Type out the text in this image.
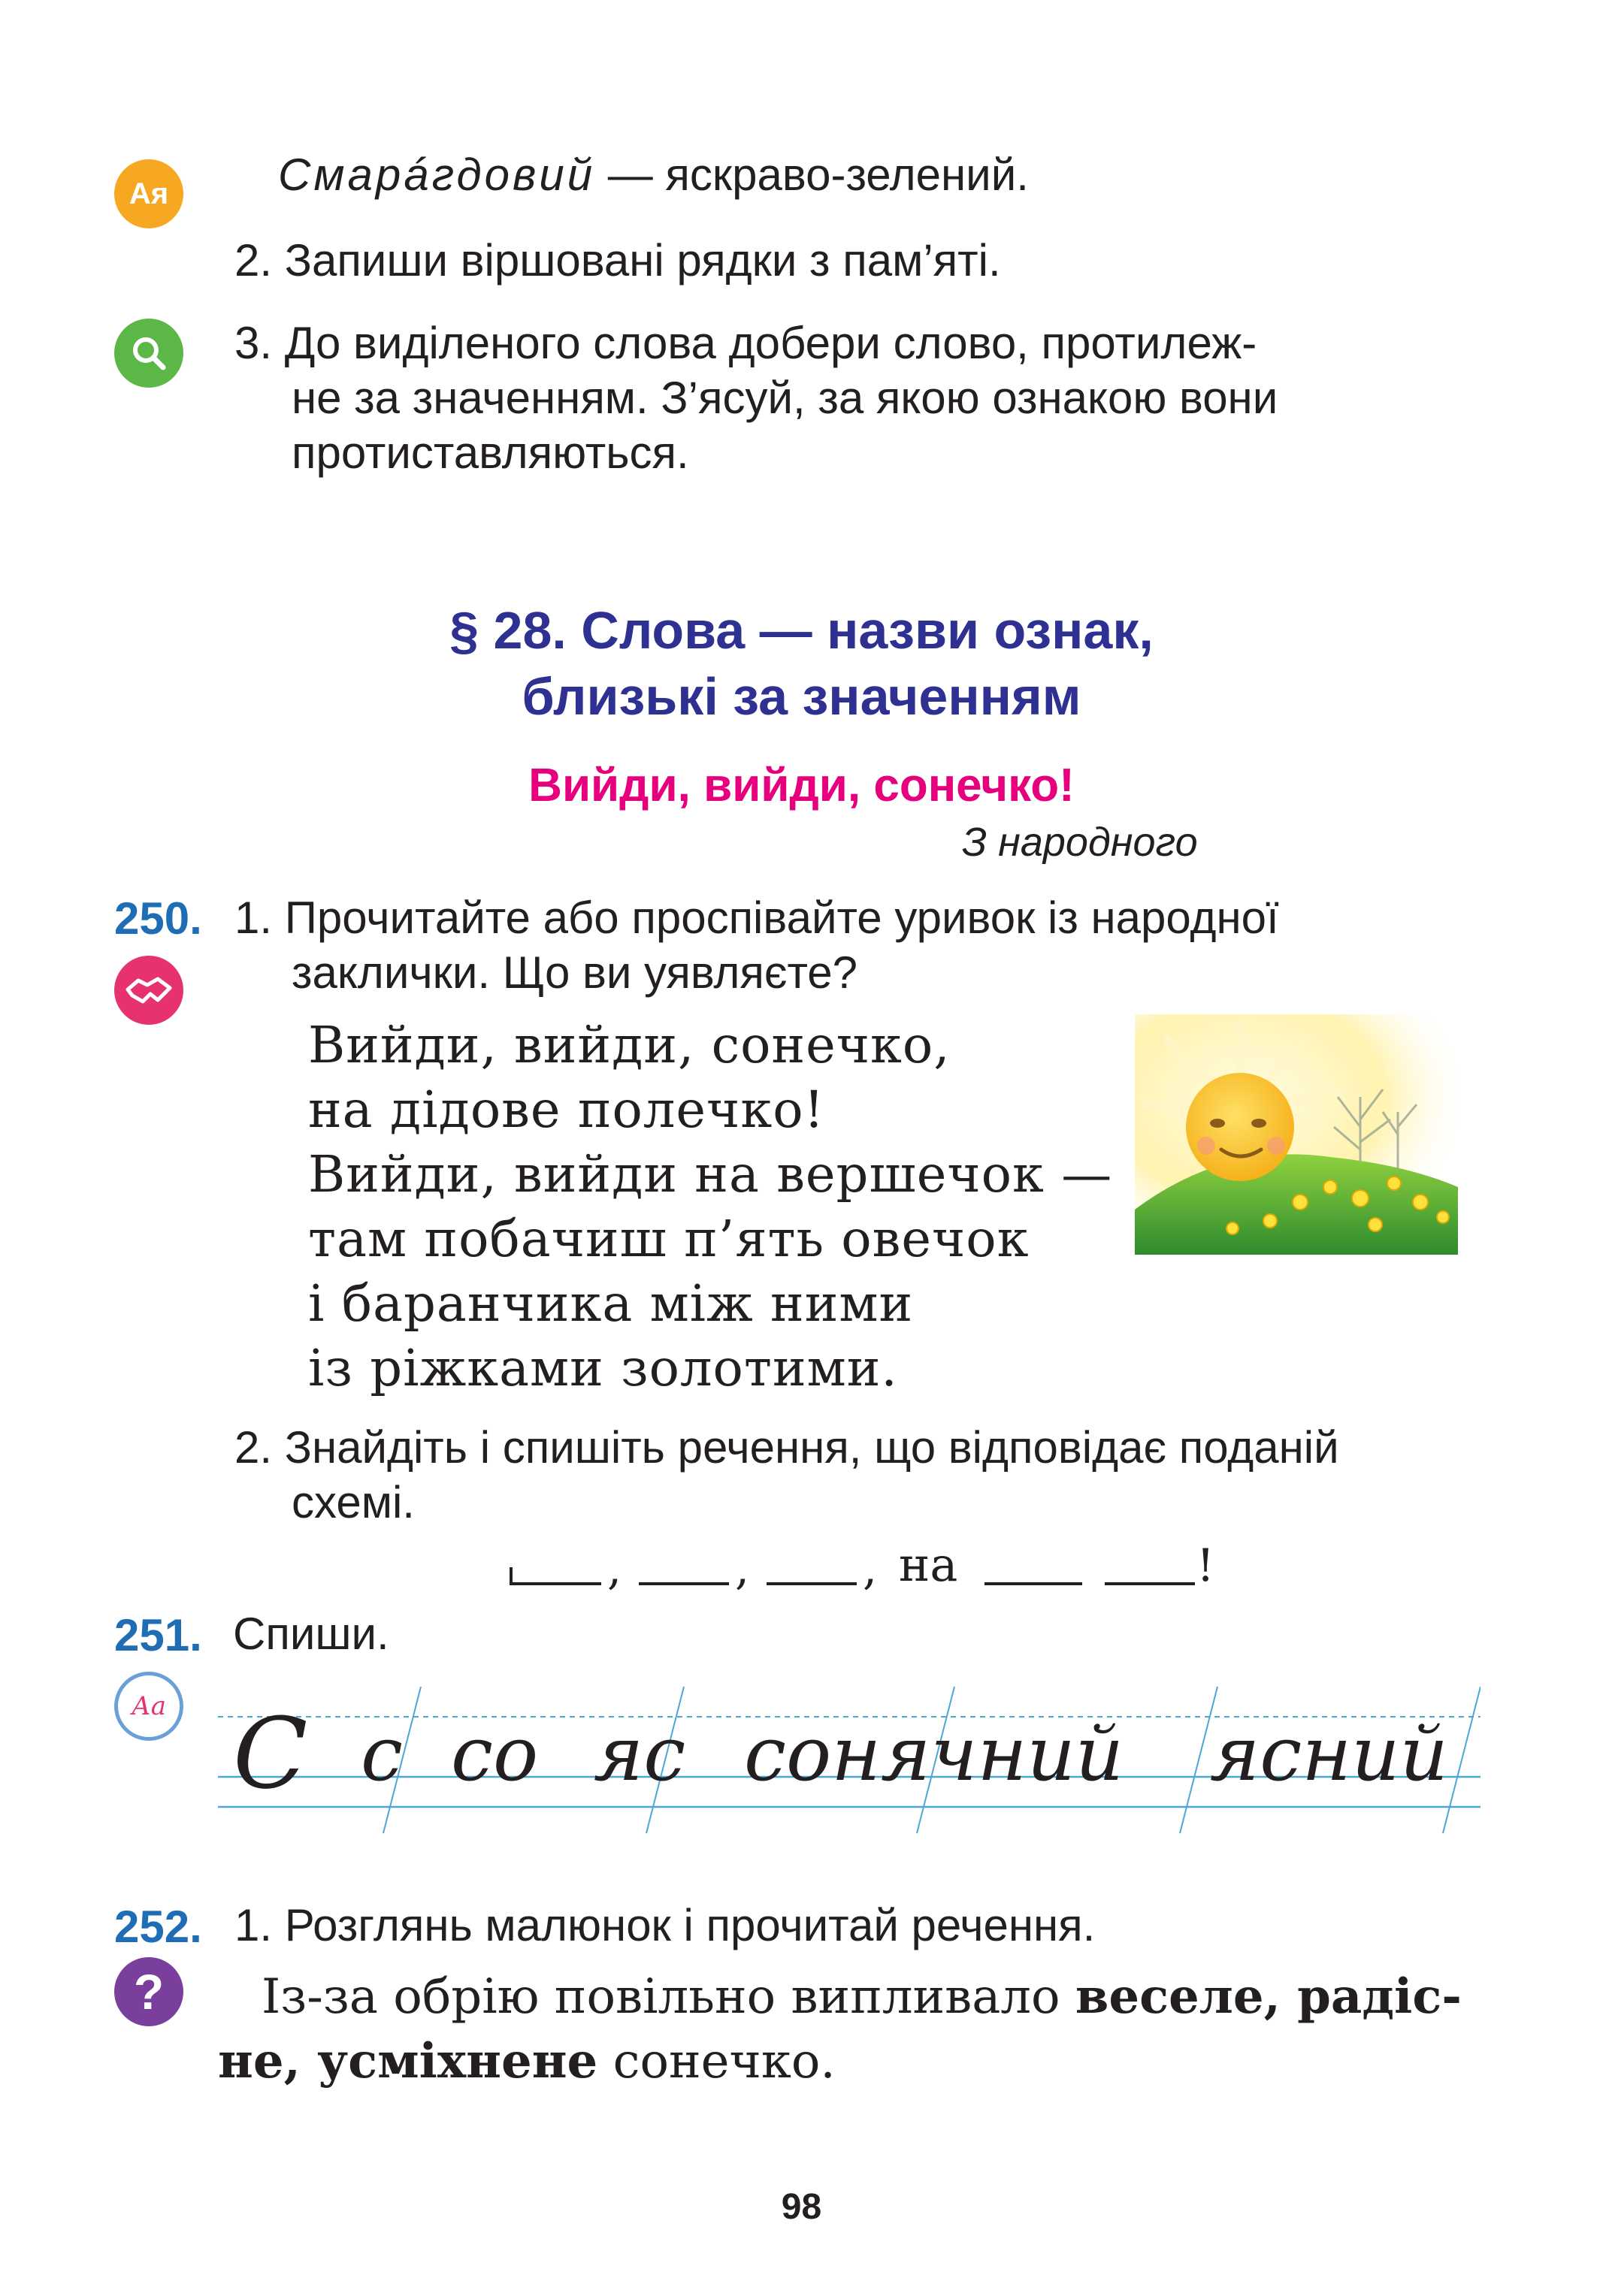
Ая Смарáгдовий — яскраво-зелений.
2. Запиши віршовані рядки з пам’яті.
3. До виділеного слова добери слово, протилеж-
не за значенням. З’ясуй, за якою ознакою вони
протиставляються.
§ 28. Слова — назви ознак,
близькі за значенням
Вийди, вийди, сонечко!
З народного
250. 1. Прочитайте або проспівайте уривок із народної
заклички. Що ви уявляєте?
Вийди, вийди, сонечко,
на дідове полечко!
Вийди, вийди на вершечок —
там побачиш п’ять овечок
і баранчика між ними
із ріжками золотими.
2. Знайдіть і спишіть речення, що відповідає поданій
схемі.
,	,	,	!
на
251. Спиши.
Аа С с со яс сонячний ясний
252. 1. Розглянь малюнок і прочитай речення.
?	Із-за обрію повільно випливало веселе, радіс-
не, усміхнене сонечко.
98
